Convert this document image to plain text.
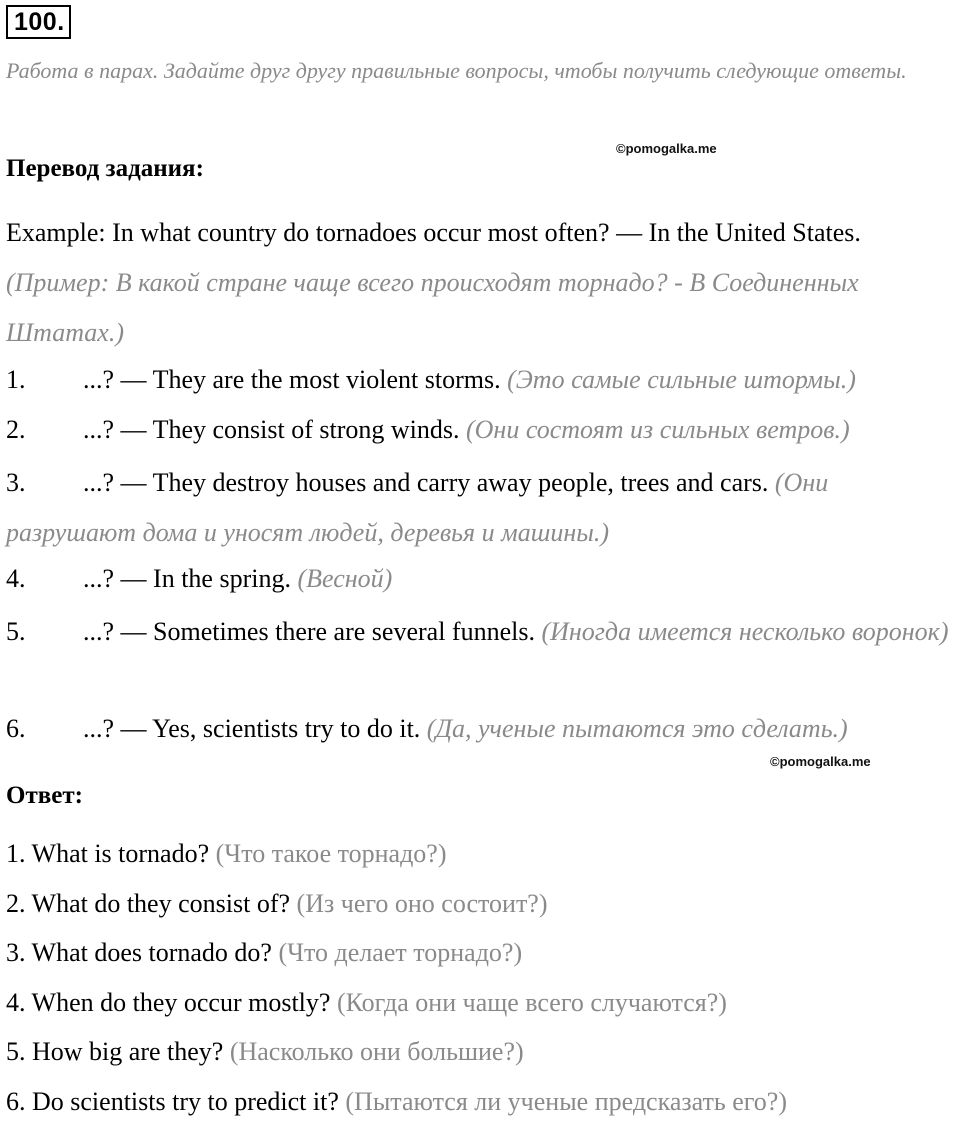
100.
Работа в парах. Задайте друг другу правильные вопросы, чтобы получить следующие ответы.
©pomogalka.me
Перевод задания:
Example: In what country do tornadoes occur most often? — In the United States. (Пример: В какой стране чаще всего происходят торнадо? - В Соединенных Штатах.)
1. ...? — They are the most violent storms. (Это самые сильные штормы.)
2. ...? — They consist of strong winds. (Они состоят из сильных ветров.)
3. ...? — They destroy houses and carry away people, trees and cars. (Они разрушают дома и уносят людей, деревья и машины.)
4. ...? — In the spring. (Весной)
5. ...? — Sometimes there are several funnels. (Иногда имеется несколько воронок)
6. ...? — Yes, scientists try to do it. (Да, ученые пытаются это сделать.)
©pomogalka.me
Ответ:
1. What is tornado? (Что такое торнадо?)
2. What do they consist of? (Из чего оно состоит?)
3. What does tornado do? (Что делает торнадо?)
4. When do they occur mostly? (Когда они чаще всего случаются?)
5. How big are they? (Насколько они большие?)
6. Do scientists try to predict it? (Пытаются ли ученые предсказать его?)
